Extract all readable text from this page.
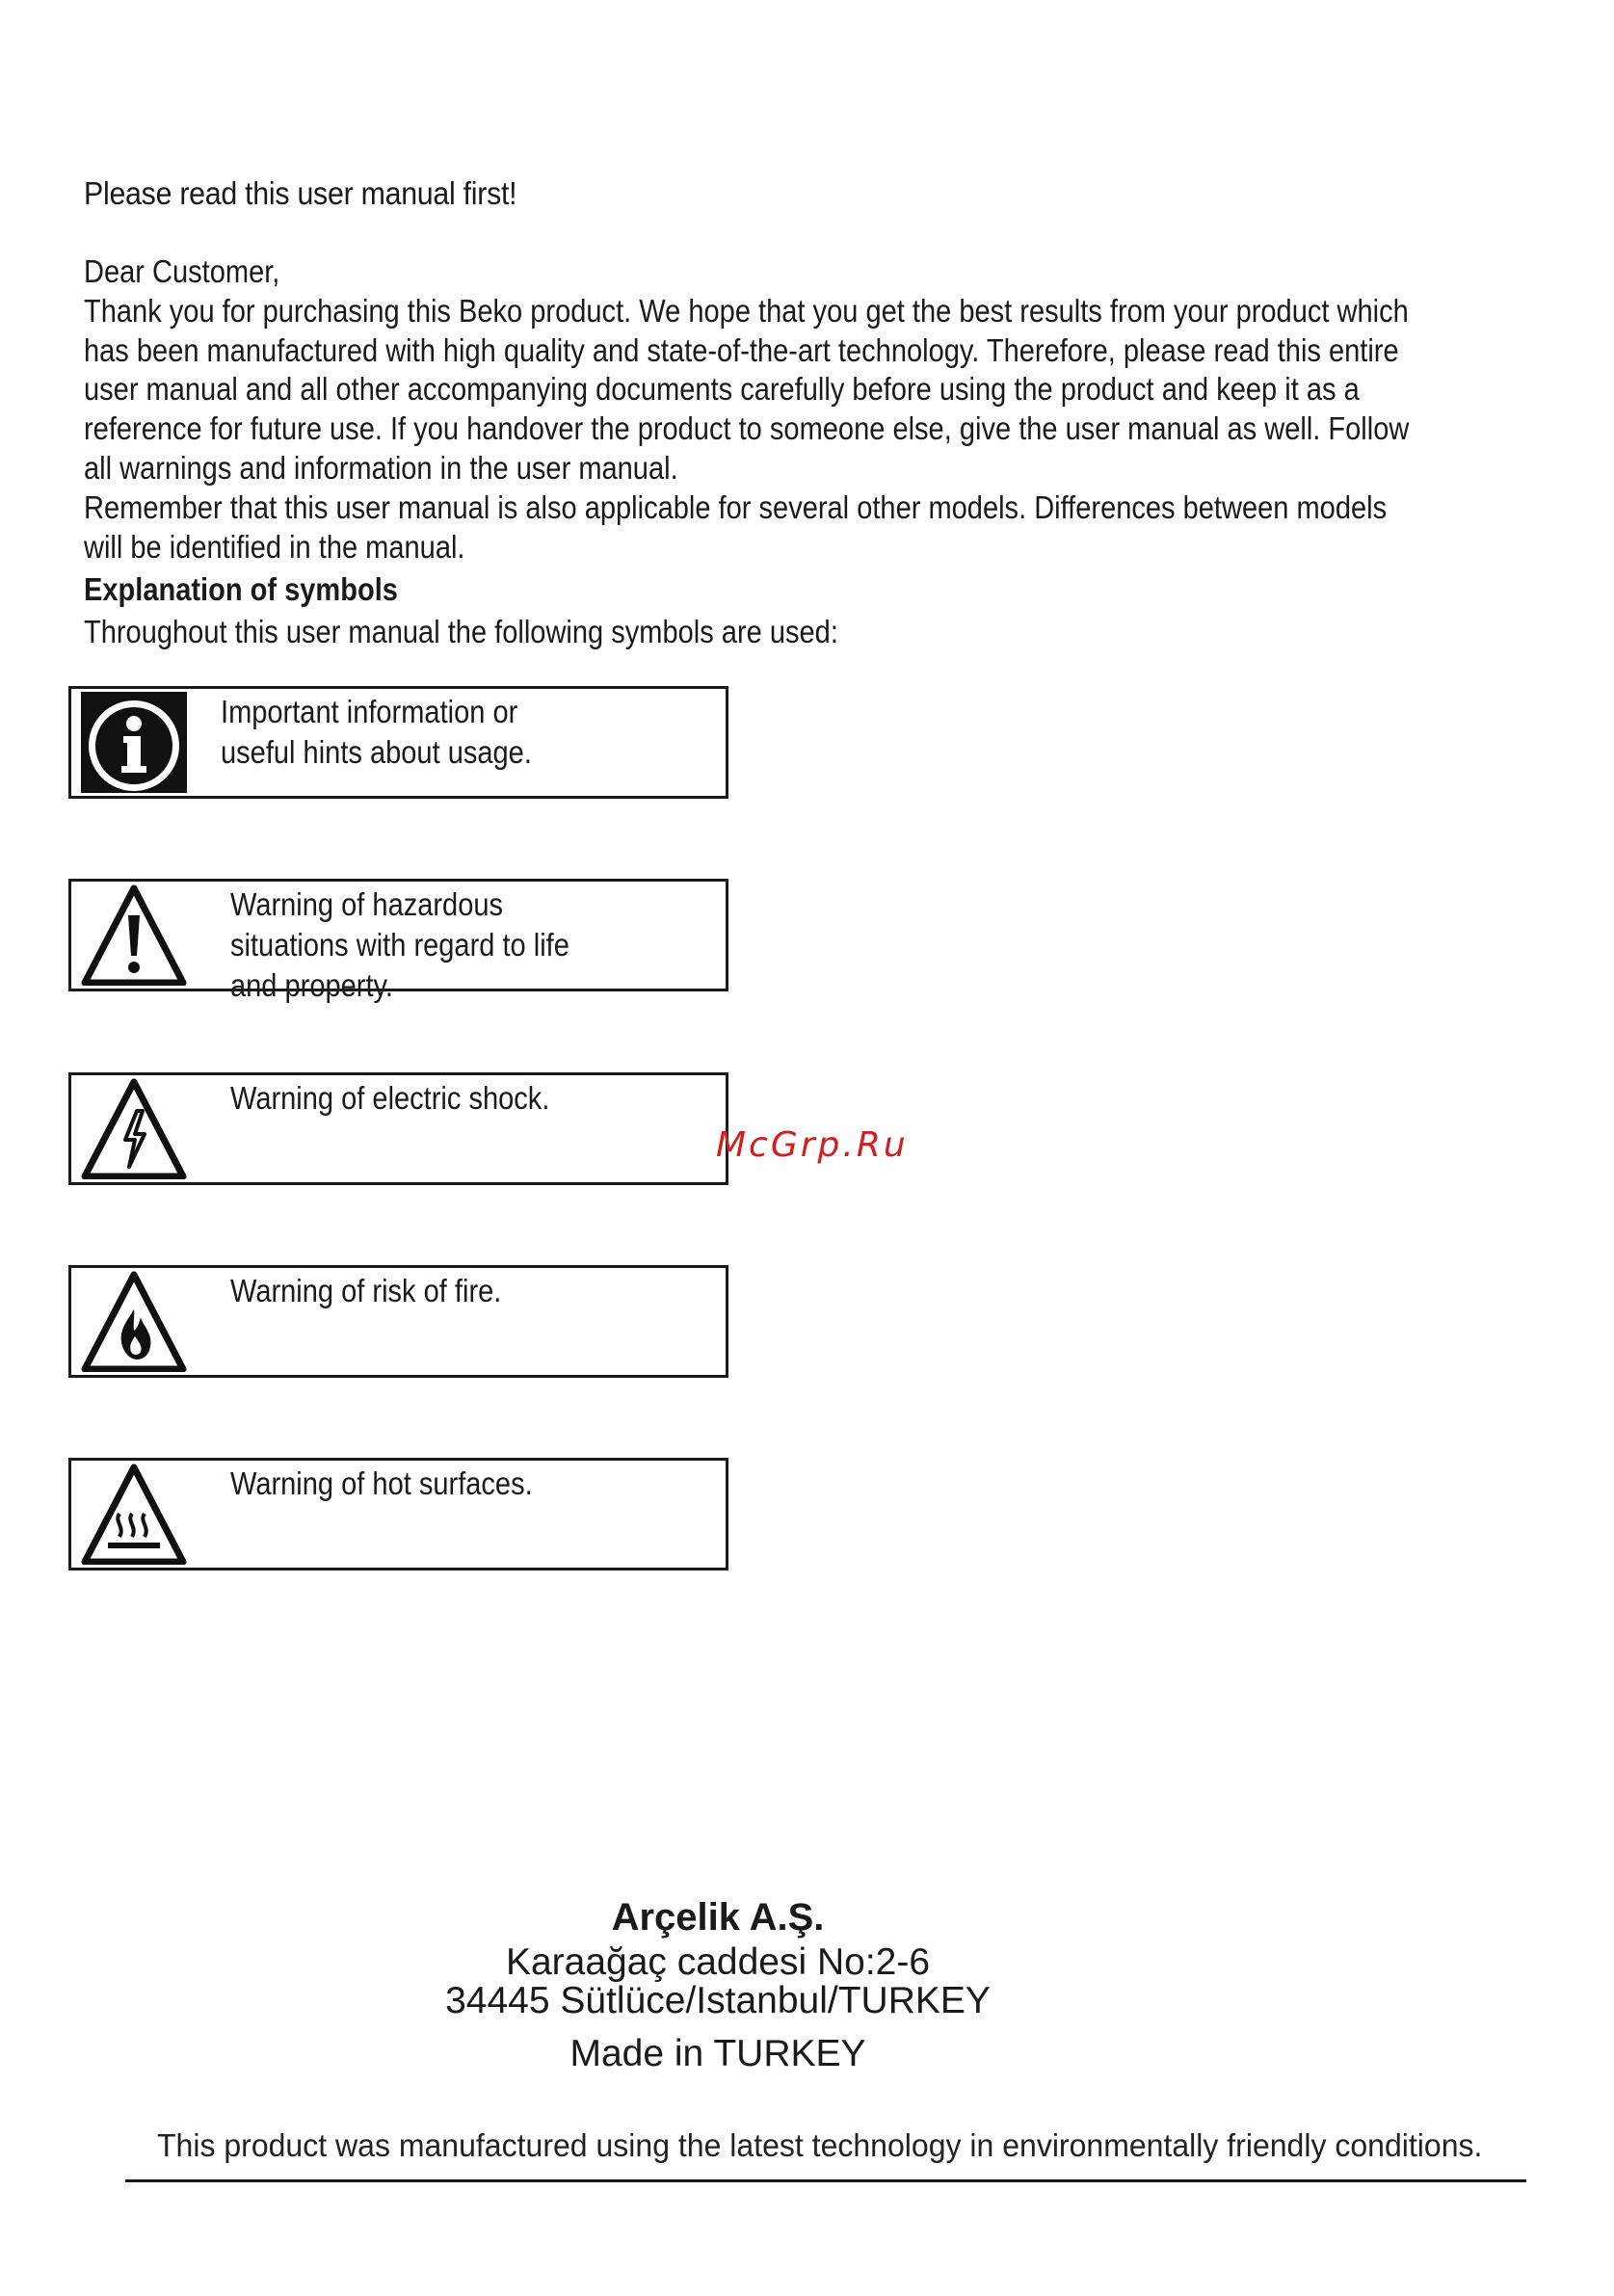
Please read this user manual first!

Dear Customer,

Thank you for purchasing this Beko product. We hope that you get the best results from your product which has been manufactured with high quality and state-of-the-art technology. Therefore, please read this entire user manual and all other accompanying documents carefully before using the product and keep it as a reference for future use. If you handover the product to someone else, give the user manual as well. Follow all warnings and information in the user manual.

Remember that this user manual is also applicable for several other models. Differences between models will be identified in the manual.

Explanation of symbols
Throughout this user manual the following symbols are used:
Important information or useful hints about usage.
Warning of hazardous situations with regard to life and property.
Warning of electric shock.
Warning of risk of fire.
Warning of hot surfaces.
McGrp.Ru
Arçelik A.Ş.
Karaağaç caddesi No:2-6
34445 Sütlüce/Istanbul/TURKEY
Made in TURKEY
This product was manufactured using the latest technology in environmentally friendly conditions.
